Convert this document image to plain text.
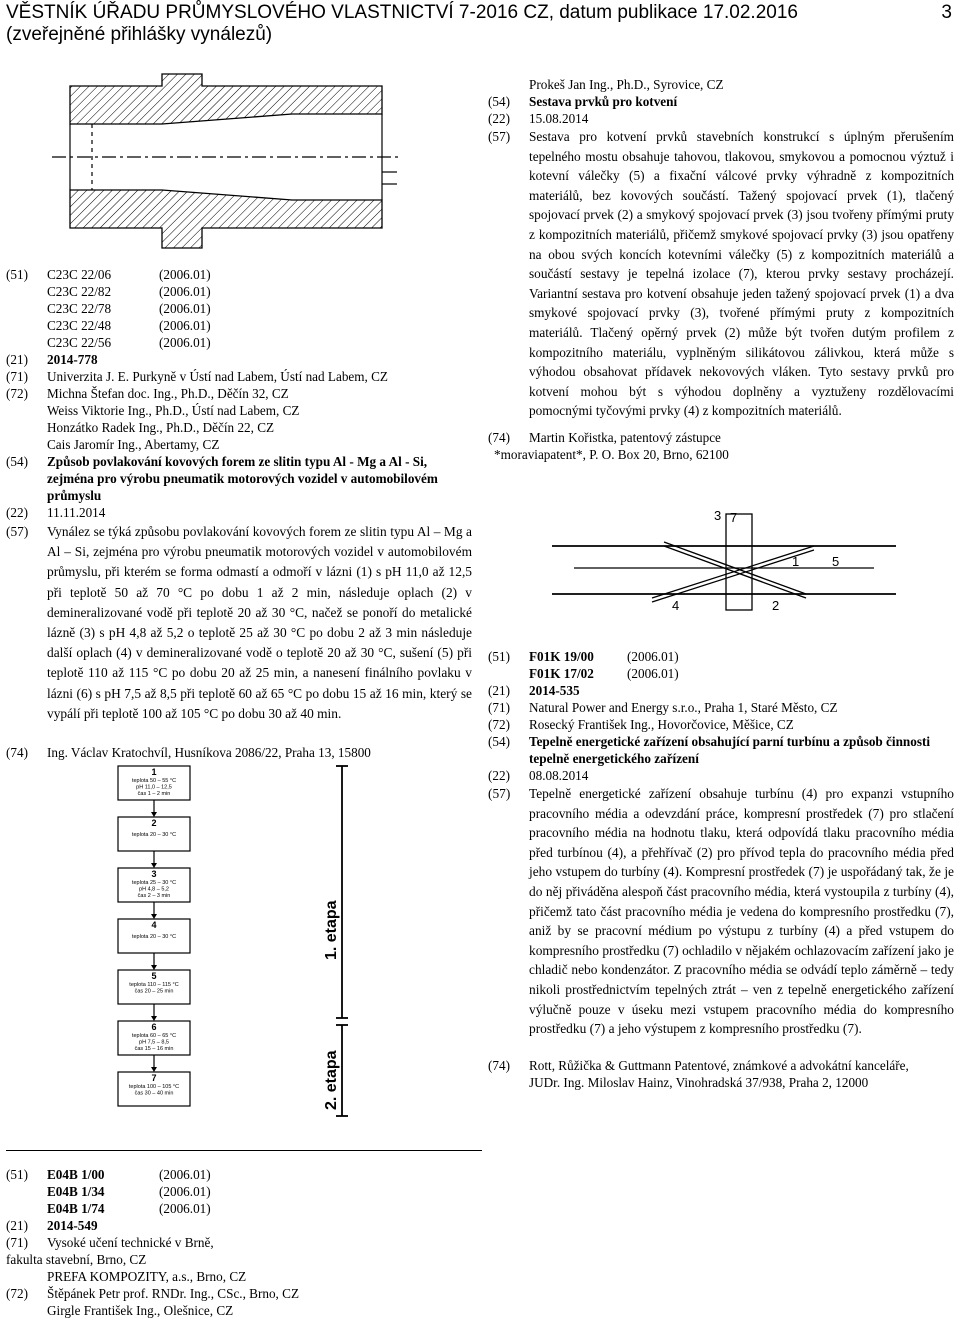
VĚSTNÍK ÚŘADU PRŮMYSLOVÉHO VLASTNICTVÍ 7-2016 CZ, datum publikace 17.02.2016
(zveřejněné přihlášky vynálezů)
3
(51)	C23C 22/06	(2006.01)
C23C 22/82	(2006.01)
C23C 22/78	(2006.01)
C23C 22/48	(2006.01)
C23C 22/56	(2006.01)
(21)	2014-778
(71)	Univerzita J. E. Purkyně v Ústí nad Labem, Ústí nad Labem, CZ
(72)	Michna Štefan doc. Ing., Ph.D., Děčín 32, CZ
Weiss Viktorie Ing., Ph.D., Ústí nad Labem, CZ
Honzátko Radek Ing., Ph.D., Děčín 22, CZ
Cais Jaromír Ing., Abertamy, CZ
(54)	Způsob povlakování kovových forem ze slitin typu Al - Mg a Al - Si, zejména pro výrobu pneumatik motorových vozidel v automobilovém průmyslu
(22)	11.11.2014
(57)	Vynález se týká způsobu povlakování kovových forem ze slitin typu Al – Mg a Al – Si, zejména pro výrobu pneumatik motorových vozidel v automobilovém průmyslu, při kterém se forma odmastí a odmoří v lázni (1) s pH 11,0 až 12,5 při teplotě 50 až 70 °C po dobu 1 až 2 min, následuje oplach (2) v demineralizované vodě při teplotě 20 až 30 °C, načež se ponoří do metalické lázně (3) s pH 4,8 až 5,2 o teplotě 25 až 30 °C po dobu 2 až 3 min následuje další oplach (4) v demineralizované vodě o teplotě 20 až 30 °C, sušení (5) při teplotě 110 až 115 °C po dobu 20 až 25 min, a nanesení finálního povlaku v lázni (6) s pH 7,5 až 8,5 při teplotě 60 až 65 °C po dobu 15 až 16 min, který se vypálí při teplotě 100 až 105 °C po dobu 30 až 40 min.
(74)	Ing. Václav Kratochvíl, Husníkova 2086/22, Praha 13, 15800
1. etapa
2. etapa
1
teplota 50 – 55 °C
pH 11,0 – 12,5
čas 1 – 2 min
2
teplota 20 – 30 °C
3
teplota 25 – 30 °C
pH 4,8 – 5,2
čas 2 – 3 min
4
teplota 20 – 30 °C
5
teplota 110 – 115 °C
čas 20 – 25 min
6
teplota 60 – 65 °C
pH 7,5 – 8,5
čas 15 – 16 min
7
teplota 100 – 105 °C
čas 30 – 40 min
Prokeš Jan Ing., Ph.D., Syrovice, CZ
(54)	Sestava prvků pro kotvení
(22)	15.08.2014
(57)	Sestava pro kotvení prvků stavebních konstrukcí s úplným přerušením tepelného mostu obsahuje tahovou, tlakovou, smykovou a pomocnou výztuž i kotevní válečky (5) a fixační válcové prvky výhradně z kompozitních materiálů, bez kovových součástí. Tažený spojovací prvek (1), tlačený spojovací prvek (2) a smykový spojovací prvek (3) jsou tvořeny přímými pruty z kompozitních materiálů, přičemž smykové spojovací prvky (3) jsou opatřeny na obou svých koncích kotevními válečky (5) z kompozitních materiálů a součástí sestavy je tepelná izolace (7), kterou prvky sestavy procházejí. Variantní sestava pro kotvení obsahuje jeden tažený spojovací prvek (1) a dva smykové spojovací prvky (3), tvořené přímými pruty z kompozitních materiálů. Tlačený opěrný prvek (2) může být tvořen dutým profilem z kompozitního materiálu, vyplněným silikátovou zálivkou, která může s výhodou obsahovat přídavek nekovových vláken. Tyto sestavy prvků pro kotvení mohou být s výhodou doplněny a vyztuženy rozdělovacími pomocnými tyčovými prvky (4) z kompozitních materiálů.
(74)	Martin Kořistka, patentový zástupce
*moraviapatent*, P. O. Box 20, Brno, 62100
3 7
1	5
4	2
(51)	F01K 19/00	(2006.01)
F01K 17/02	(2006.01)
(21)	2014-535
(71)	Natural Power and Energy s.r.o., Praha 1, Staré Město, CZ
(72)	Rosecký František Ing., Hovorčovice, Měšice, CZ
(54)	Tepelně energetické zařízení obsahující parní turbínu a způsob činnosti tepelně energetického zařízení
(22)	08.08.2014
(57)	Tepelně energetické zařízení obsahuje turbínu (4) pro expanzi vstupního pracovního média a odevzdání práce, kompresní prostředek (7) pro stlačení pracovního média na hodnotu tlaku, která odpovídá tlaku pracovního média před turbínou (4), a přehřívač (2) pro přívod tepla do pracovního média před jeho vstupem do turbíny (4). Kompresní prostředek (7) je uspořádaný tak, že je do něj přiváděna alespoň část pracovního média, která vystoupila z turbíny (4), přičemž tato část pracovního média je vedena do kompresního prostředku (7), aniž by se pracovní médium po výstupu z turbíny (4) a před vstupem do kompresního prostředku (7) ochladilo v nějakém ochlazovacím zařízení jako je chladič nebo kondenzátor. Z pracovního média se odvádí teplo záměrně – tedy nikoli prostřednictvím tepelných ztrát – ven z tepelně energetického zařízení výlučně pouze v úseku mezi vstupem pracovního média do kompresního prostředku (7) a jeho výstupem z kompresního prostředku (7).
(74)	Rott, Růžička & Guttmann Patentové, známkové a advokátní kanceláře,
JUDr. Ing. Miloslav Hainz, Vinohradská 37/938, Praha 2, 12000
(51)	E04B 1/00	(2006.01)
E04B 1/34	(2006.01)
E04B 1/74	(2006.01)
(21)	2014-549
(71)	Vysoké učení technické v Brně,
fakulta stavební, Brno, CZ
PREFA KOMPOZITY, a.s., Brno, CZ
(72)	Štěpánek Petr prof. RNDr. Ing., CSc., Brno, CZ
Girgle František Ing., Olešnice, CZ
